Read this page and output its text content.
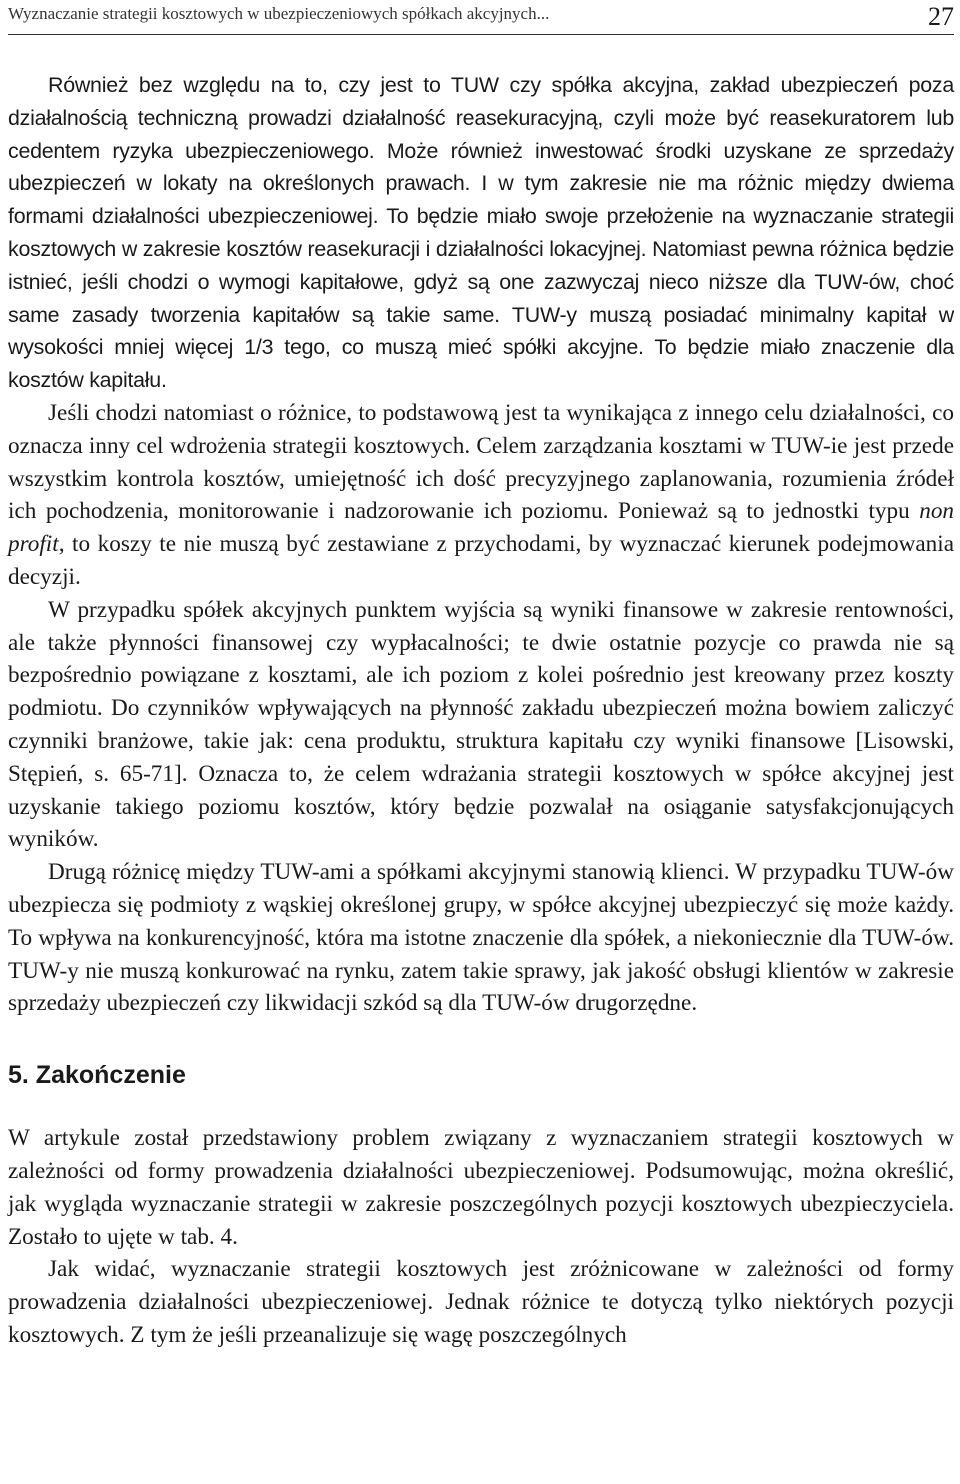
Wyznaczanie strategii kosztowych w ubezpieczeniowych spółkach akcyjnych...	27

Również bez względu na to, czy jest to TUW czy spółka akcyjna, zakład ubezpieczeń poza działalnością techniczną prowadzi działalność reasekuracyjną, czyli może być reasekuratorem lub cedentem ryzyka ubezpieczeniowego. Może również inwestować środki uzyskane ze sprzedaży ubezpieczeń w lokaty na określonych prawach. I w tym zakresie nie ma różnic między dwiema formami działalności ubezpieczeniowej. To będzie miało swoje przełożenie na wyznaczanie strategii kosztowych w zakresie kosztów reasekuracji i działalności lokacyjnej. Natomiast pewna różnica będzie istnieć, jeśli chodzi o wymogi kapitałowe, gdyż są one zazwyczaj nieco niższe dla TUW-ów, choć same zasady tworzenia kapitałów są takie same. TUW-y muszą posiadać minimalny kapitał w wysokości mniej więcej 1/3 tego, co muszą mieć spółki akcyjne. To będzie miało znaczenie dla kosztów kapitału.

Jeśli chodzi natomiast o różnice, to podstawową jest ta wynikająca z innego celu działalności, co oznacza inny cel wdrożenia strategii kosztowych. Celem zarządzania kosztami w TUW-ie jest przede wszystkim kontrola kosztów, umiejętność ich dość precyzyjnego zaplanowania, rozumienia źródeł ich pochodzenia, monitorowanie i nadzorowanie ich poziomu. Ponieważ są to jednostki typu non profit, to koszy te nie muszą być zestawiane z przychodami, by wyznaczać kierunek podejmowania decyzji.

W przypadku spółek akcyjnych punktem wyjścia są wyniki finansowe w zakresie rentowności, ale także płynności finansowej czy wypłacalności; te dwie ostatnie pozycje co prawda nie są bezpośrednio powiązane z kosztami, ale ich poziom z kolei pośrednio jest kreowany przez koszty podmiotu. Do czynników wpływających na płynność zakładu ubezpieczeń można bowiem zaliczyć czynniki branżowe, takie jak: cena produktu, struktura kapitału czy wyniki finansowe [Lisowski, Stępień, s. 65-71]. Oznacza to, że celem wdrażania strategii kosztowych w spółce akcyjnej jest uzyskanie takiego poziomu kosztów, który będzie pozwalał na osiąganie satysfakcjonujących wyników.

Drugą różnicę między TUW-ami a spółkami akcyjnymi stanowią klienci. W przypadku TUW-ów ubezpiecza się podmioty z wąskiej określonej grupy, w spółce akcyjnej ubezpieczyć się może każdy. To wpływa na konkurencyjność, która ma istotne znaczenie dla spółek, a niekoniecznie dla TUW-ów. TUW-y nie muszą konkurować na rynku, zatem takie sprawy, jak jakość obsługi klientów w zakresie sprzedaży ubezpieczeń czy likwidacji szkód są dla TUW-ów drugorzędne.

5. Zakończenie

W artykule został przedstawiony problem związany z wyznaczaniem strategii kosztowych w zależności od formy prowadzenia działalności ubezpieczeniowej. Podsumowując, można określić, jak wygląda wyznaczanie strategii w zakresie poszczególnych pozycji kosztowych ubezpieczyciela. Zostało to ujęte w tab. 4.

Jak widać, wyznaczanie strategii kosztowych jest zróżnicowane w zależności od formy prowadzenia działalności ubezpieczeniowej. Jednak różnice te dotyczą tylko niektórych pozycji kosztowych. Z tym że jeśli przeanalizuje się wagę poszczególnych
